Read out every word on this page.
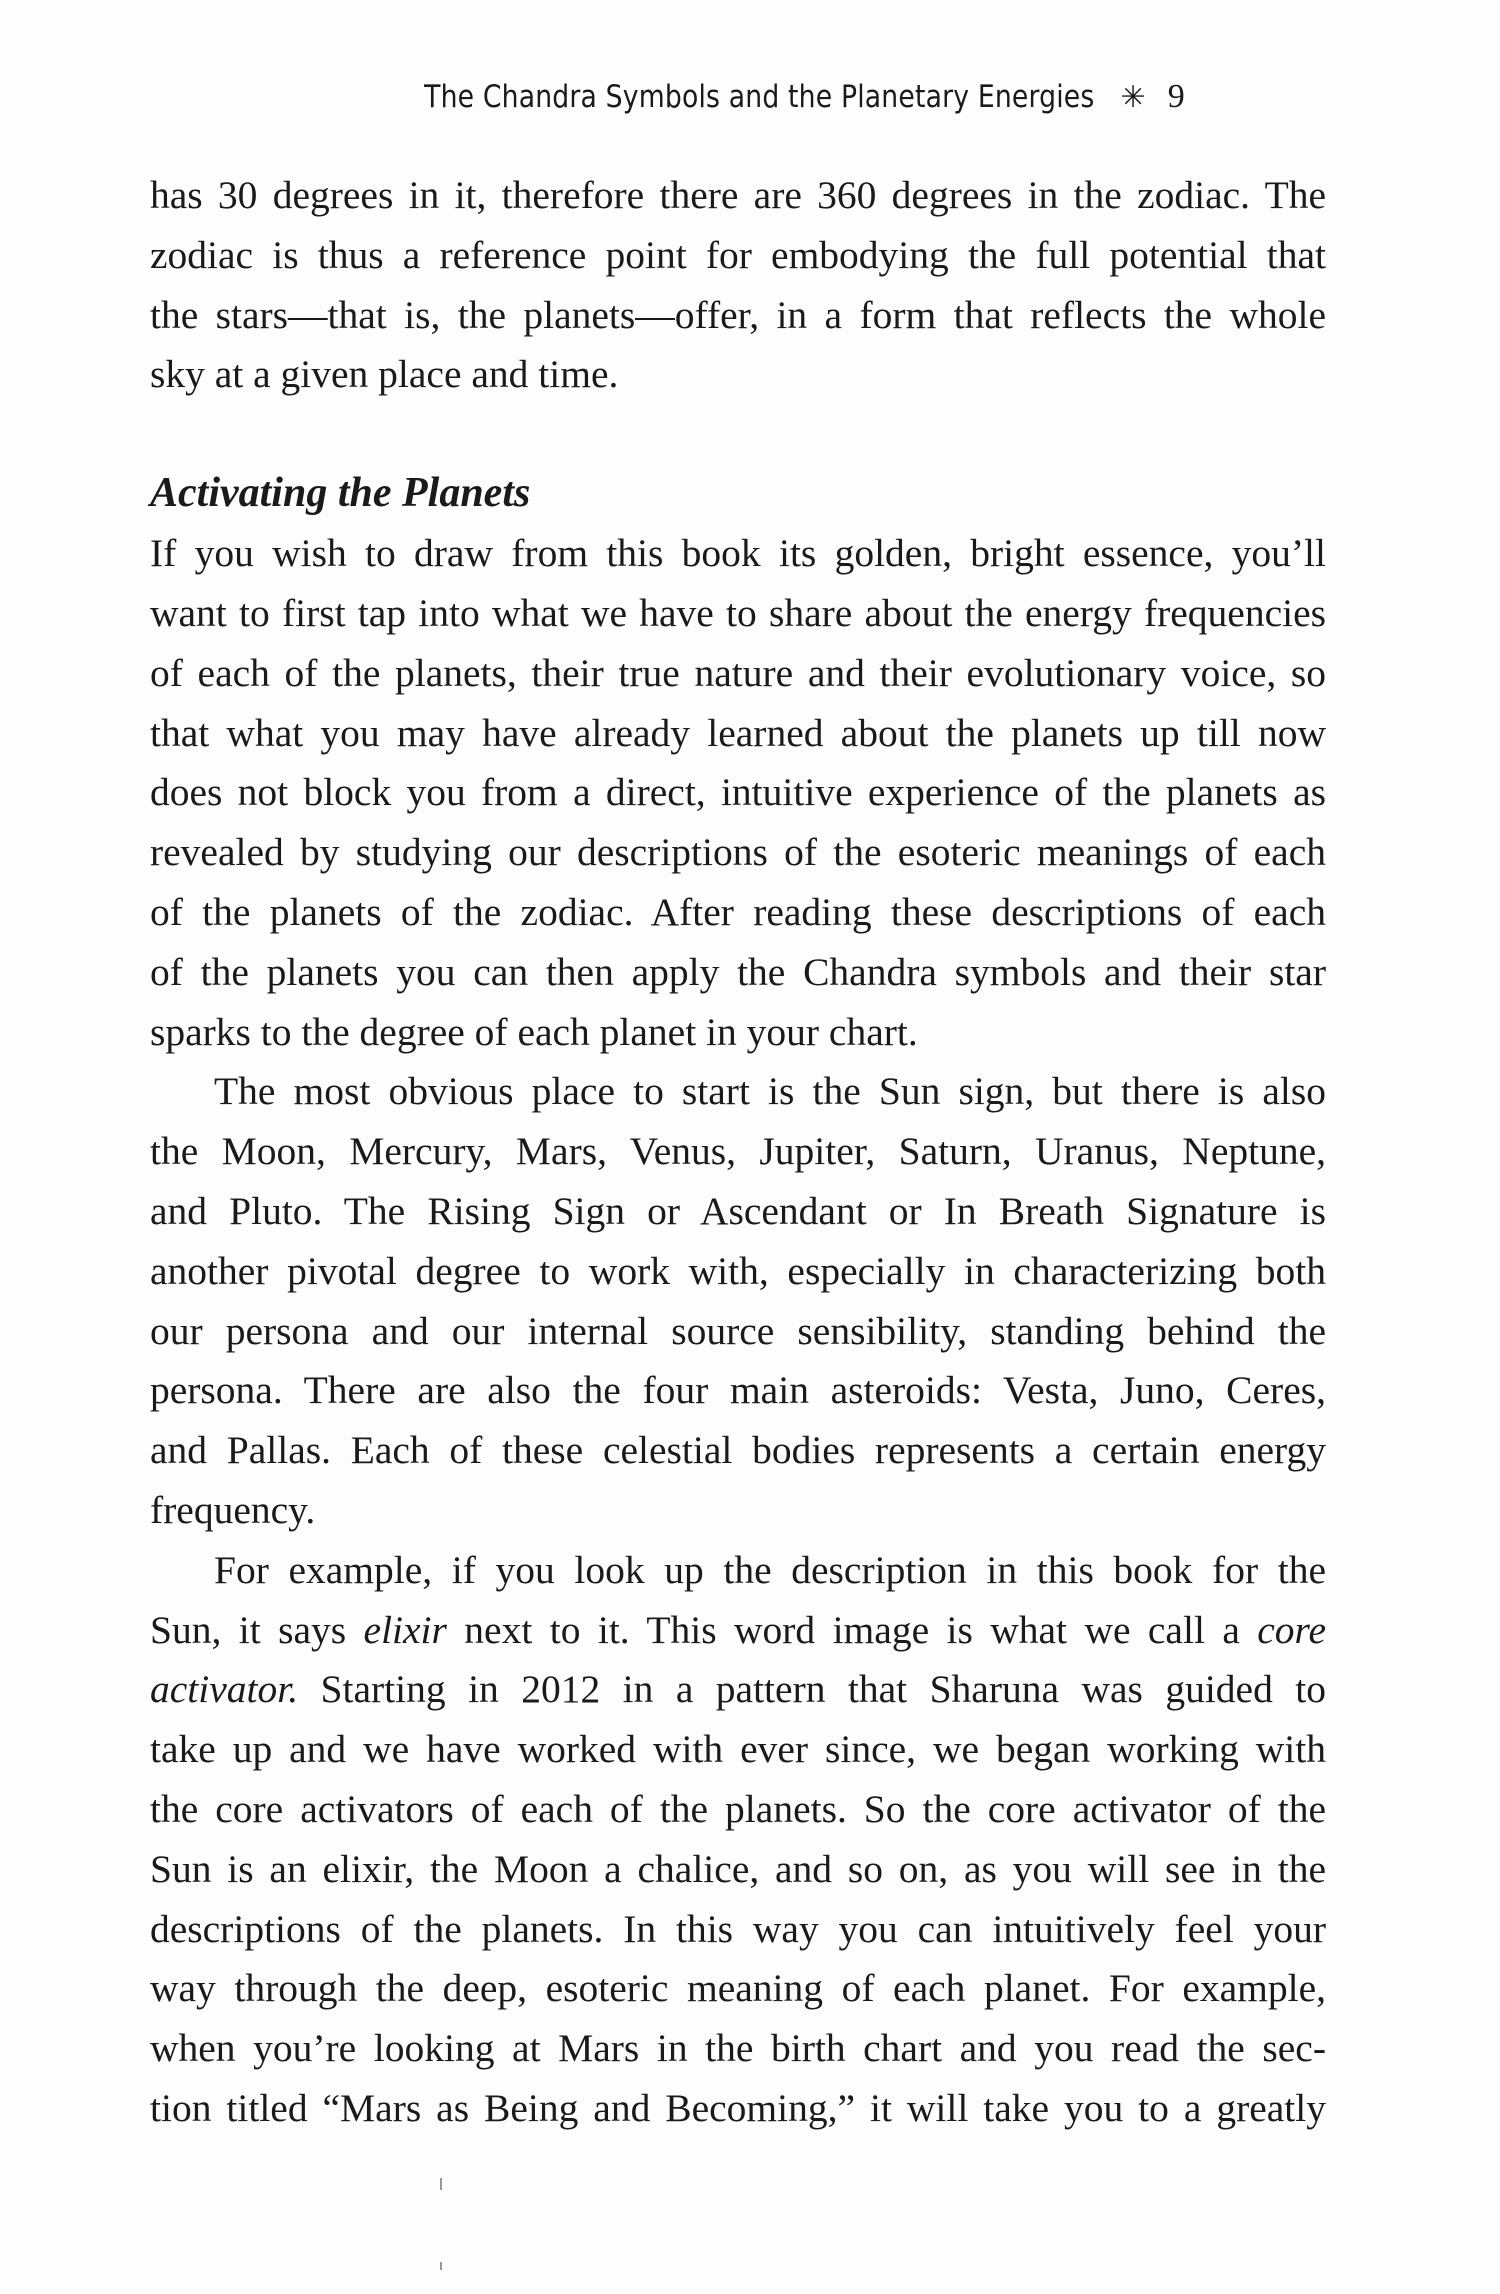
The Chandra Symbols and the Planetary Energies ✳ 9

has 30 degrees in it, therefore there are 360 degrees in the zodiac. The
zodiac is thus a reference point for embodying the full potential that
the stars—that is, the planets—offer, in a form that reflects the whole
sky at a given place and time.

Activating the Planets

If you wish to draw from this book its golden, bright essence, you’ll
want to first tap into what we have to share about the energy frequencies
of each of the planets, their true nature and their evolutionary voice, so
that what you may have already learned about the planets up till now
does not block you from a direct, intuitive experience of the planets as
revealed by studying our descriptions of the esoteric meanings of each
of the planets of the zodiac. After reading these descriptions of each
of the planets you can then apply the Chandra symbols and their star
sparks to the degree of each planet in your chart.

The most obvious place to start is the Sun sign, but there is also
the Moon, Mercury, Mars, Venus, Jupiter, Saturn, Uranus, Neptune,
and Pluto. The Rising Sign or Ascendant or In Breath Signature is
another pivotal degree to work with, especially in characterizing both
our persona and our internal source sensibility, standing behind the
persona. There are also the four main asteroids: Vesta, Juno, Ceres,
and Pallas. Each of these celestial bodies represents a certain energy
frequency.

For example, if you look up the description in this book for the
Sun, it says elixir next to it. This word image is what we call a core
activator. Starting in 2012 in a pattern that Sharuna was guided to
take up and we have worked with ever since, we began working with
the core activators of each of the planets. So the core activator of the
Sun is an elixir, the Moon a chalice, and so on, as you will see in the
descriptions of the planets. In this way you can intuitively feel your
way through the deep, esoteric meaning of each planet. For example,
when you’re looking at Mars in the birth chart and you read the sec-
tion titled “Mars as Being and Becoming,” it will take you to a greatly
